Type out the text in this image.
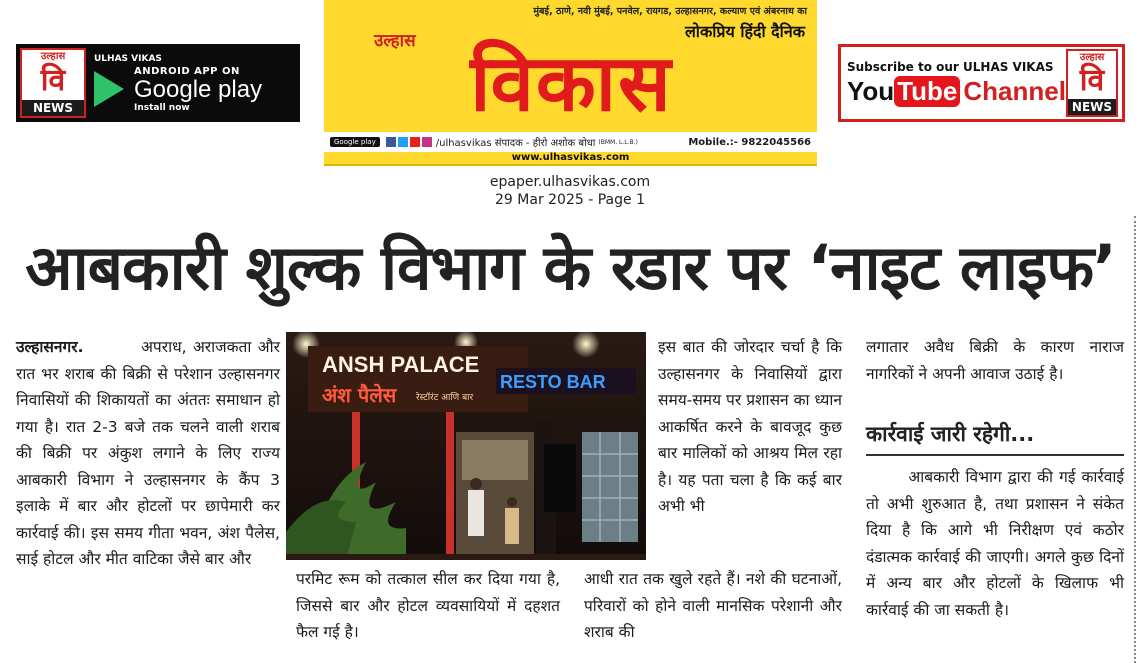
उल्हास
वि
NEWS
ULHAS VIKAS
ANDROID APP ON
Google play
Install now
मुंबई, ठाणे, नवी मुंबई, पनवेल, रायगड, उल्हासनगर, कल्याण एवं अंबरनाथ का
लोकप्रिय हिंदी दैनिक
उल्हास विकास
Google play	/ulhasvikas संपादक - हीरो अशोक बोधा (BMM, L.L.B.)	Mobile.:- 9822045566
www.ulhasvikas.com
Subscribe to our ULHAS VIKAS
You Tube Channel
उल्हास
वि
NEWS
epaper.ulhasvikas.com
29 Mar 2025 - Page 1
आबकारी शुल्क विभाग के रडार पर ‘नाइट लाइफ’

उल्हासनगर.	अपराध, अराजकता और रात भर शराब की बिक्री से परेशान उल्हासनगर निवासियों की शिकायतों का अंततः समाधान हो गया है। रात 2-3 बजे तक चलने वाली शराब की बिक्री पर अंकुश लगाने के लिए राज्य आबकारी विभाग ने उल्हासनगर के कैंप 3 इलाके में बार और होटलों पर छापेमारी कर कार्रवाई की। इस समय गीता भवन, अंश पैलेस, साई होटल और मीत वाटिका जैसे बार और

ANSH PALACE
अंश पैलेस रेस्टॉरंट आणि बार
RESTO BAR

परमिट रूम को तत्काल सील कर दिया गया है, जिससे बार और होटल व्यवसायियों में दहशत फैल गई है।

इस बात की जोरदार चर्चा है कि उल्हासनगर के निवासियों द्वारा समय-समय पर प्रशासन का ध्यान आकर्षित करने के बावजूद कुछ बार मालिकों को आश्रय मिल रहा है। यह पता चला है कि कई बार अभी भी

आधी रात तक खुले रहते हैं। नशे की घटनाओं, परिवारों को होने वाली मानसिक परेशानी और शराब की

लगातार अवैध बिक्री के कारण नाराज नागरिकों ने अपनी आवाज उठाई है।

कार्रवाई जारी रहेगी...

आबकारी विभाग द्वारा की गई कार्रवाई तो अभी शुरुआत है, तथा प्रशासन ने संकेत दिया है कि आगे भी निरीक्षण एवं कठोर दंडात्मक कार्रवाई की जाएगी। अगले कुछ दिनों में अन्य बार और होटलों के खिलाफ भी कार्रवाई की जा सकती है।
